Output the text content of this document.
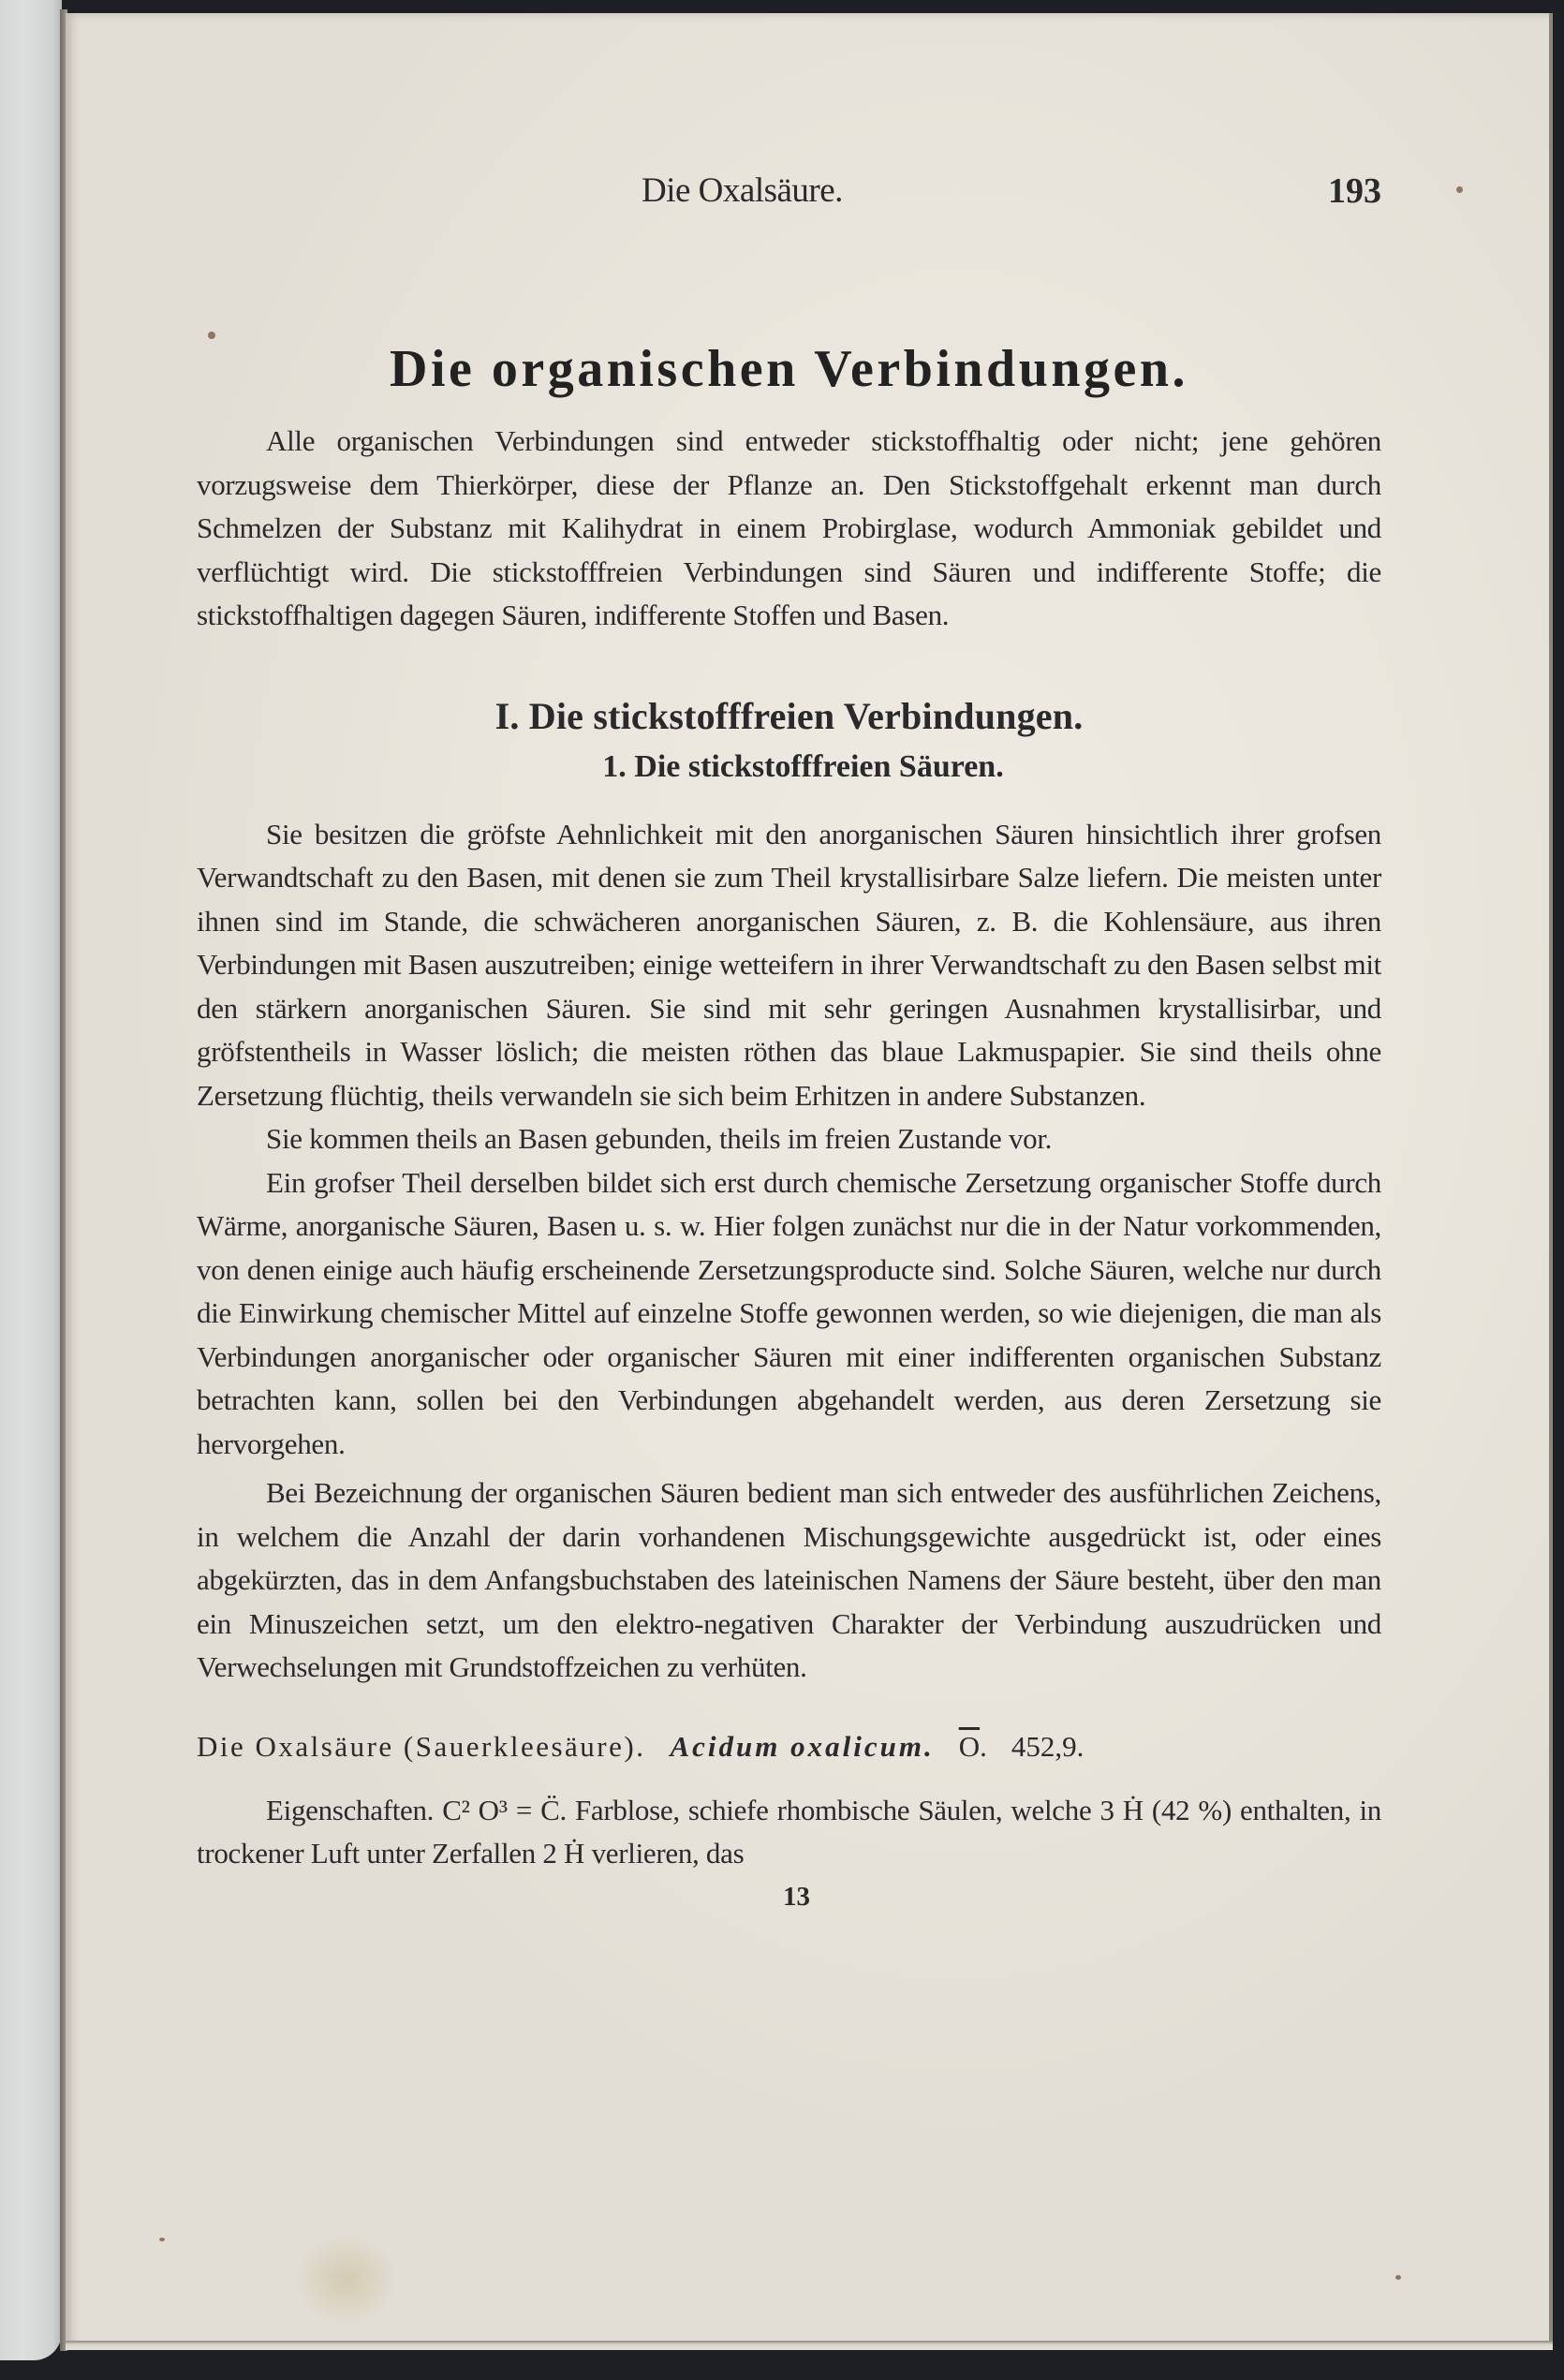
Die Oxalsäure.	193
Die organischen Verbindungen.

Alle organischen Verbindungen sind entweder stickstoffhaltig oder nicht; jene gehören vorzugsweise dem Thierkörper, diese der Pflanze an. Den Stickstoffgehalt erkennt man durch Schmelzen der Substanz mit Kalihydrat in einem Probirglase, wodurch Ammoniak gebildet und verflüchtigt wird. Die stickstofffreien Verbindungen sind Säuren und indifferente Stoffe; die stickstoffhaltigen dagegen Säuren, indifferente Stoffen und Basen.

I. Die stickstofffreien Verbindungen.
1. Die stickstofffreien Säuren.

Sie besitzen die gröfste Aehnlichkeit mit den anorganischen Säuren hinsichtlich ihrer grofsen Verwandtschaft zu den Basen, mit denen sie zum Theil krystallisirbare Salze liefern. Die meisten unter ihnen sind im Stande, die schwächeren anorganischen Säuren, z. B. die Kohlensäure, aus ihren Verbindungen mit Basen auszutreiben; einige wetteifern in ihrer Verwandtschaft zu den Basen selbst mit den stärkern anorganischen Säuren. Sie sind mit sehr geringen Ausnahmen krystallisirbar, und gröfstentheils in Wasser löslich; die meisten röthen das blaue Lakmuspapier. Sie sind theils ohne Zersetzung flüchtig, theils verwandeln sie sich beim Erhitzen in andere Substanzen.

Sie kommen theils an Basen gebunden, theils im freien Zustande vor.

Ein grofser Theil derselben bildet sich erst durch chemische Zersetzung organischer Stoffe durch Wärme, anorganische Säuren, Basen u. s. w. Hier folgen zunächst nur die in der Natur vorkommenden, von denen einige auch häufig erscheinende Zersetzungsproducte sind. Solche Säuren, welche nur durch die Einwirkung chemischer Mittel auf einzelne Stoffe gewonnen werden, so wie diejenigen, die man als Verbindungen anorganischer oder organischer Säuren mit einer indifferenten organischen Substanz betrachten kann, sollen bei den Verbindungen abgehandelt werden, aus deren Zersetzung sie hervorgehen.

Bei Bezeichnung der organischen Säuren bedient man sich entweder des ausführlichen Zeichens, in welchem die Anzahl der darin vorhandenen Mischungsgewichte ausgedrückt ist, oder eines abgekürzten, das in dem Anfangsbuchstaben des lateinischen Namens der Säure besteht, über den man ein Minuszeichen setzt, um den elektro-negativen Charakter der Verbindung auszudrücken und Verwechselungen mit Grundstoffzeichen zu verhüten.

Die Oxalsäure (Sauerkleesäure). Acidum oxalicum. $\overline{O}$. 452,9.

Eigenschaften. C² O³ = C̈. Farblose, schiefe rhombische Säulen, welche 3 Ḣ (42 %) enthalten, in trockener Luft unter Zerfallen 2 Ḣ verlieren, das

13
